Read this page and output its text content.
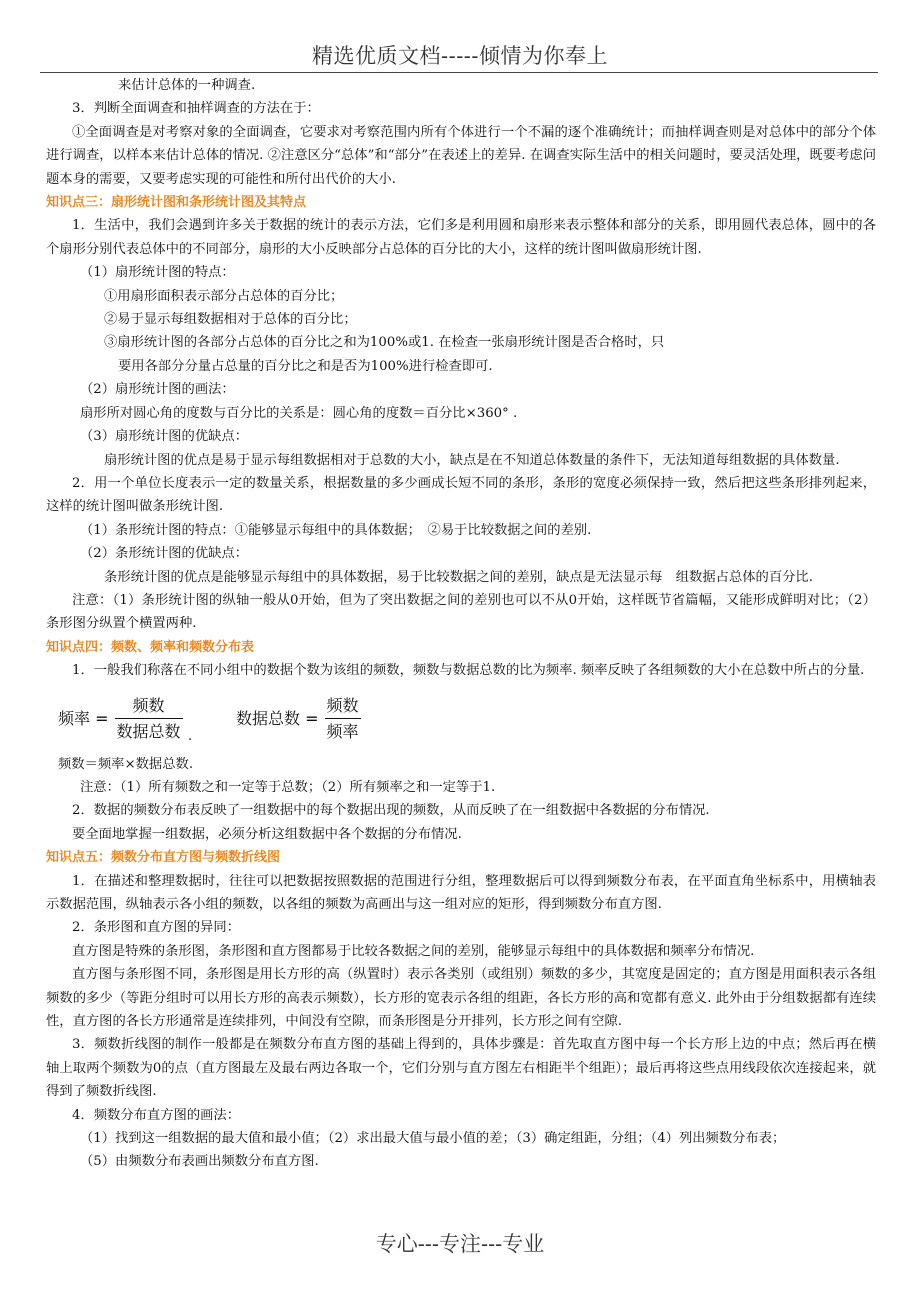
精选优质文档-----倾情为你奉上

来估计总体的一种调查.

3．判断全面调查和抽样调查的方法在于：

①全面调查是对考察对象的全面调查，它要求对考察范围内所有个体进行一个不漏的逐个准确统计；而抽样调查则是对总体中的部分个体进行调查，以样本来估计总体的情况. ②注意区分“总体”和“部分”在表述上的差异. 在调查实际生活中的相关问题时，要灵活处理，既要考虑问题本身的需要，又要考虑实现的可能性和所付出代价的大小.

知识点三：扇形统计图和条形统计图及其特点

1．生活中，我们会遇到许多关于数据的统计的表示方法，它们多是利用圆和扇形来表示整体和部分的关系，即用圆代表总体，圆中的各个扇形分别代表总体中的不同部分，扇形的大小反映部分占总体的百分比的大小，这样的统计图叫做扇形统计图.

（1）扇形统计图的特点：

①用扇形面积表示部分占总体的百分比；

②易于显示每组数据相对于总体的百分比；

③扇形统计图的各部分占总体的百分比之和为100%或1. 在检查一张扇形统计图是否合格时，只

要用各部分分量占总量的百分比之和是否为100%进行检查即可.

（2）扇形统计图的画法：

扇形所对圆心角的度数与百分比的关系是：圆心角的度数＝百分比×360° .

（3）扇形统计图的优缺点：

扇形统计图的优点是易于显示每组数据相对于总数的大小，缺点是在不知道总体数量的条件下，无法知道每组数据的具体数量.

2．用一个单位长度表示一定的数量关系，根据数量的多少画成长短不同的条形，条形的宽度必须保持一致，然后把这些条形排列起来，这样的统计图叫做条形统计图.

（1）条形统计图的特点：①能够显示每组中的具体数据；　②易于比较数据之间的差别.

（2）条形统计图的优缺点：

条形统计图的优点是能够显示每组中的具体数据，易于比较数据之间的差别，缺点是无法显示每　组数据占总体的百分比.

注意：（1）条形统计图的纵轴一般从0开始，但为了突出数据之间的差别也可以不从0开始，这样既节省篇幅，又能形成鲜明对比；（2）条形图分纵置个横置两种.

知识点四：频数、频率和频数分布表

1．一般我们称落在不同小组中的数据个数为该组的频数，频数与数据总数的比为频率. 频率反映了各组频数的大小在总数中所占的分量.

频率 = $\frac{\text{频数}}{\text{数据总数}}$ .
数据总数 = $\frac{\text{频数}}{\text{频率}}$

频数＝频率×数据总数.

注意：（1）所有频数之和一定等于总数；（2）所有频率之和一定等于1.

2．数据的频数分布表反映了一组数据中的每个数据出现的频数，从而反映了在一组数据中各数据的分布情况.

要全面地掌握一组数据，必须分析这组数据中各个数据的分布情况.

知识点五：频数分布直方图与频数折线图

1．在描述和整理数据时，往往可以把数据按照数据的范围进行分组，整理数据后可以得到频数分布表，在平面直角坐标系中，用横轴表示数据范围，纵轴表示各小组的频数，以各组的频数为高画出与这一组对应的矩形，得到频数分布直方图.

2．条形图和直方图的异同：

直方图是特殊的条形图，条形图和直方图都易于比较各数据之间的差别，能够显示每组中的具体数据和频率分布情况.

直方图与条形图不同，条形图是用长方形的高（纵置时）表示各类别（或组别）频数的多少，其宽度是固定的；直方图是用面积表示各组频数的多少（等距分组时可以用长方形的高表示频数），长方形的宽表示各组的组距，各长方形的高和宽都有意义. 此外由于分组数据都有连续性，直方图的各长方形通常是连续排列，中间没有空隙，而条形图是分开排列，长方形之间有空隙.

3．频数折线图的制作一般都是在频数分布直方图的基础上得到的，具体步骤是：首先取直方图中每一个长方形上边的中点；然后再在横轴上取两个频数为0的点（直方图最左及最右两边各取一个，它们分别与直方图左右相距半个组距）；最后再将这些点用线段依次连接起来，就得到了频数折线图.

4．频数分布直方图的画法：

（1）找到这一组数据的最大值和最小值；（2）求出最大值与最小值的差；（3）确定组距，分组；（4）列出频数分布表；

（5）由频数分布表画出频数分布直方图.

专心---专注---专业
